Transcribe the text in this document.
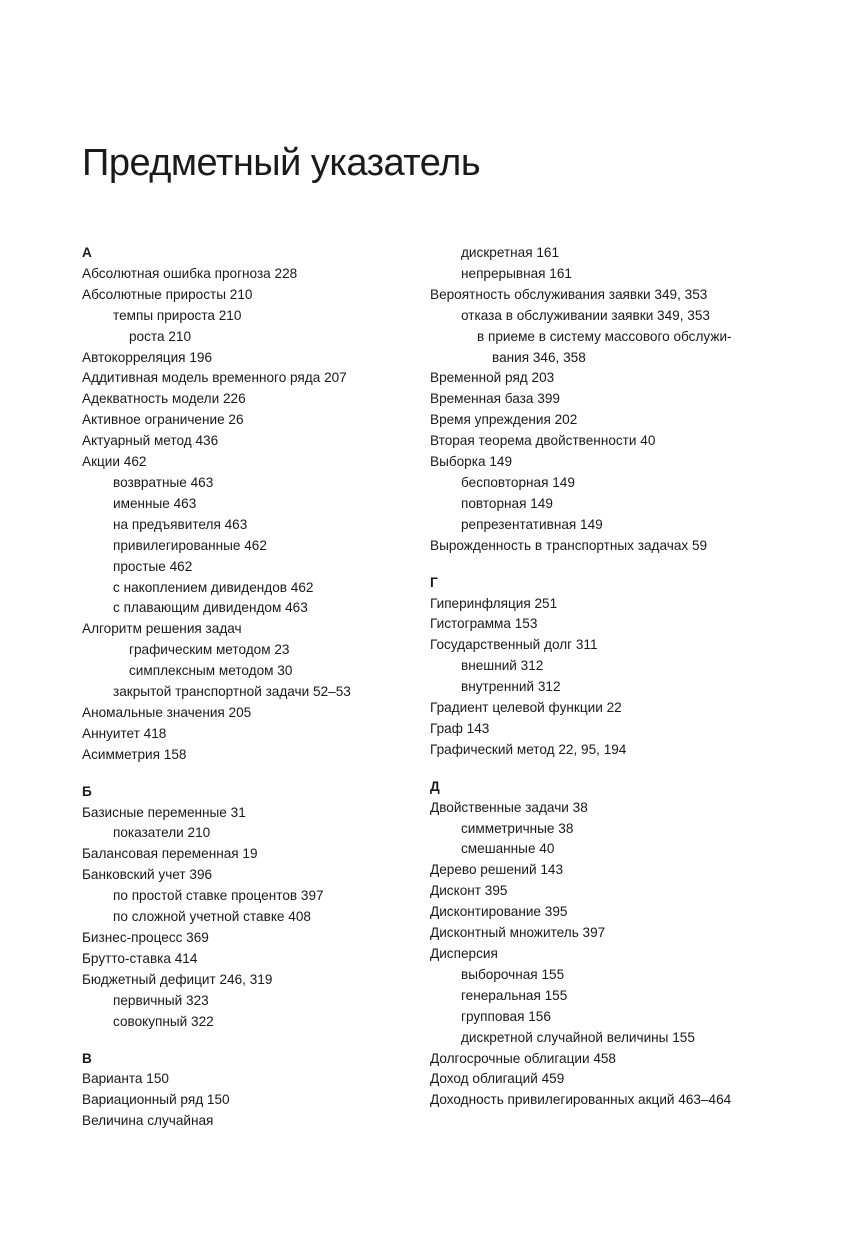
Предметный указатель
А
Абсолютная ошибка прогноза 228
Абсолютные приросты 210
темпы прироста 210
роста 210
Автокорреляция 196
Аддитивная модель временного ряда 207
Адекватность модели 226
Активное ограничение 26
Актуарный метод 436
Акции 462
возвратные 463
именные 463
на предъявителя 463
привилегированные 462
простые 462
с накоплением дивидендов 462
с плавающим дивидендом 463
Алгоритм решения задач
графическим методом 23
симплексным методом 30
закрытой транспортной задачи 52–53
Аномальные значения 205
Аннуитет 418
Асимметрия 158
Б
Базисные переменные 31
показатели 210
Балансовая переменная 19
Банковский учет 396
по простой ставке процентов 397
по сложной учетной ставке 408
Бизнес-процесс 369
Брутто-ставка 414
Бюджетный дефицит 246, 319
первичный 323
совокупный 322
В
Варианта 150
Вариационный ряд 150
Величина случайная
дискретная 161
непрерывная 161
Вероятность обслуживания заявки 349, 353
отказа в обслуживании заявки 349, 353
в приеме в систему массового обслужи-
вания 346, 358
Временной ряд 203
Временная база 399
Время упреждения 202
Вторая теорема двойственности 40
Выборка 149
бесповторная 149
повторная 149
репрезентативная 149
Вырожденность в транспортных задачах 59
Г
Гиперинфляция 251
Гистограмма 153
Государственный долг 311
внешний 312
внутренний 312
Градиент целевой функции 22
Граф 143
Графический метод 22, 95, 194
Д
Двойственные задачи 38
симметричные 38
смешанные 40
Дерево решений 143
Дисконт 395
Дисконтирование 395
Дисконтный множитель 397
Дисперсия
выборочная 155
генеральная 155
групповая 156
дискретной случайной величины 155
Долгосрочные облигации 458
Доход облигаций 459
Доходность привилегированных акций 463–464
